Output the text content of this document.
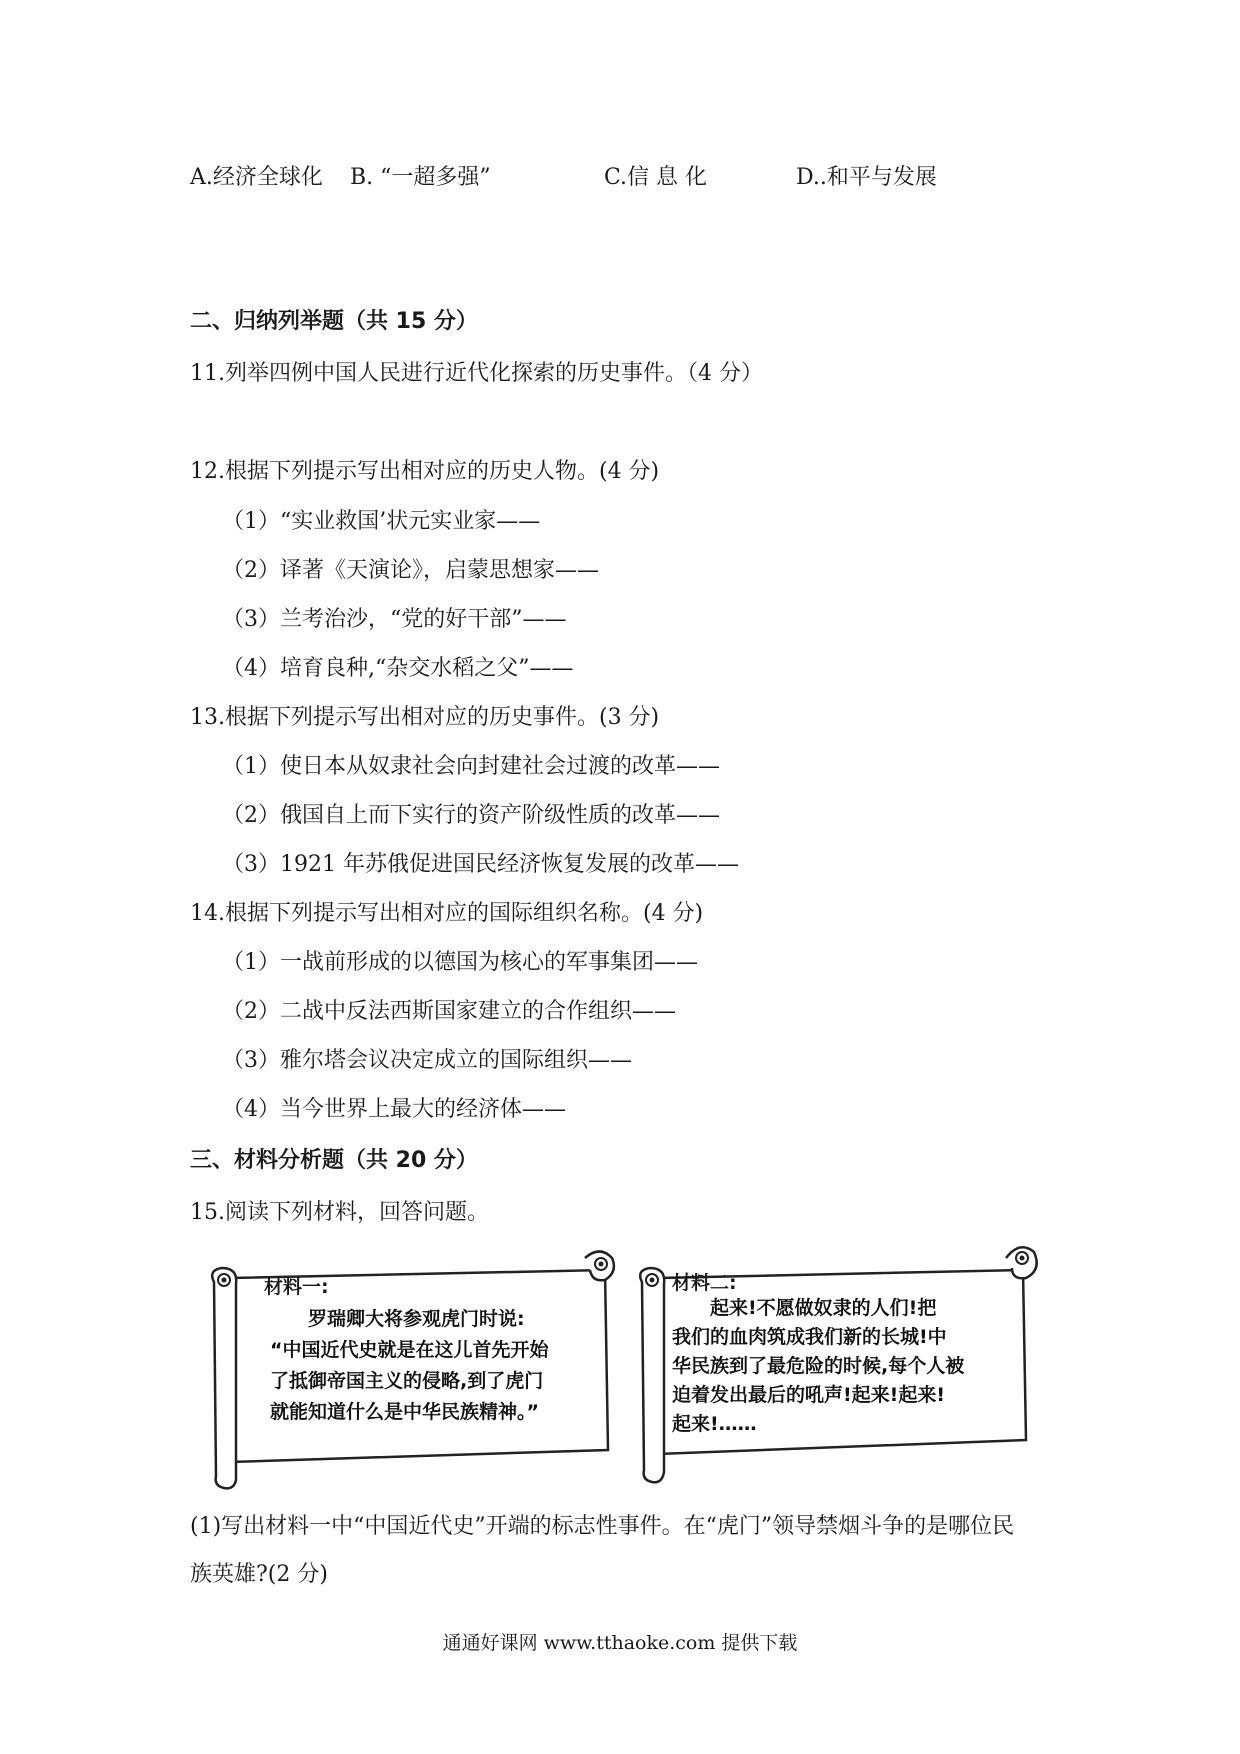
A.经济全球化 B. “一超多强”	C.信 息 化	D..和平与发展
二、归纳列举题（共 15 分）
11.列举四例中国人民进行近代化探索的历史事件。（4 分）
12.根据下列提示写出相对应的历史人物。(4 分)
（1）“实业救国’状元实业家——
（2）译著《天演论》，启蒙思想家——
（3）兰考治沙，“党的好干部”——
（4）培育良种,“杂交水稻之父”——
13.根据下列提示写出相对应的历史事件。(3 分)
（1）使日本从奴隶社会向封建社会过渡的改革——
（2）俄国自上而下实行的资产阶级性质的改革——
（3）1921 年苏俄促进国民经济恢复发展的改革——
14.根据下列提示写出相对应的国际组织名称。(4 分)
（1）一战前形成的以德国为核心的军事集团——
（2）二战中反法西斯国家建立的合作组织——
（3）雅尔塔会议决定成立的国际组织——
（4）当今世界上最大的经济体——
三、材料分析题（共 20 分）
15.阅读下列材料，回答问题。
材料一:
罗瑞卿大将参观虎门时说:
“中国近代史就是在这儿首先开始
了抵御帝国主义的侵略,到了虎门
就能知道什么是中华民族精神。”
材料二:
起来!不愿做奴隶的人们!把
我们的血肉筑成我们新的长城!中
华民族到了最危险的时候,每个人被
迫着发出最后的吼声!起来!起来!
起来!……
(1)写出材料一中“中国近代史”开端的标志性事件。在“虎门”领导禁烟斗争的是哪位民
族英雄?(2 分)
通通好课网 www.tthaoke.com 提供下载
